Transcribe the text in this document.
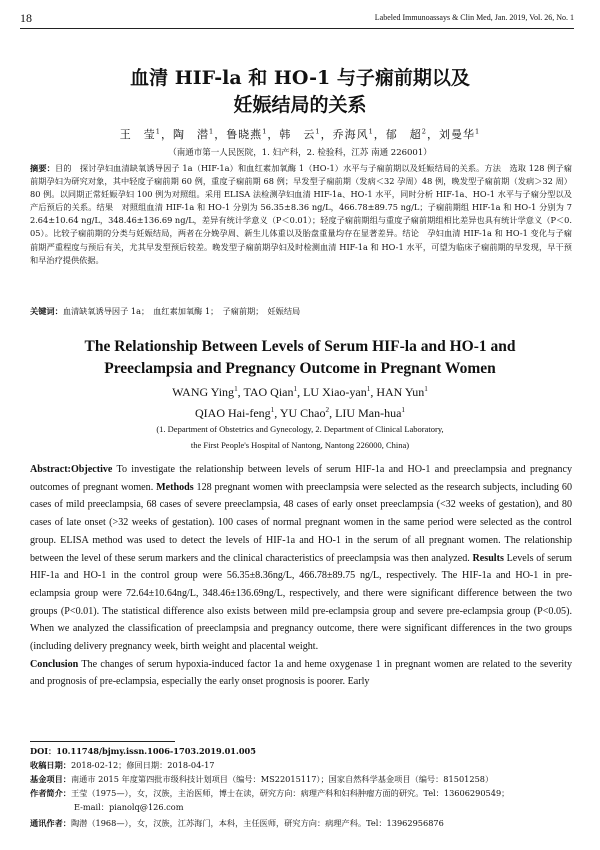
18	Labeled Immunoassays & Clin Med, Jan. 2019, Vol. 26, No. 1
血清 HIF-la 和 HO-1 与子痫前期以及
妊娠结局的关系
王　莹$^1$，陶　潜$^1$，鲁晓燕$^1$，韩　云$^1$，乔海风$^1$，郁　超$^2$，刘曼华$^1$
（南通市第一人民医院，1. 妇产科，2. 检验科，江苏 南通 226001）
摘要：目的　探讨孕妇血清缺氧诱导因子 1a（HIF-1a）和血红素加氧酶 1（HO-1）水平与子痫前期以及妊娠结局的关系。方法　选取 128 例子痫前期孕妇为研究对象，其中轻度子痫前期 60 例，重度子痫前期 68 例；早发型子痫前期（发病＜32 孕周）48 例，晚发型子痫前期（发病＞32 周）80 例。以同期正常妊娠孕妇 100 例为对照组。采用 ELISA 法检测孕妇血清 HIF-1a、HO-1 水平，同时分析 HIF-1a、HO-1 水平与子痫分型以及产后预后的关系。结果　对照组血清 HIF-1a 和 HO-1 分别为 56.35±8.36 ng/L，466.78±89.75 ng/L；子痫前期组 HIF-1a 和 HO-1 分别为 72.64±10.64 ng/L，348.46±136.69 ng/L，差异有统计学意义（P＜0.01）；轻度子痫前期组与重度子痫前期组相比差异也具有统计学意义（P＜0.05）。比较子痫前期的分类与妊娠结局，两者在分娩孕周、新生儿体重以及胎盘重量均存在显著差异。结论　孕妇血清 HIF-1a 和 HO-1 变化与子痫前期严重程度与预后有关，尤其早发型预后较差。晚发型子痫前期孕妇及时检测血清 HIF-1a 和 HO-1 水平，可望为临床子痫前期的早发现，早干预和早治疗提供依据。
关键词：血清缺氧诱导因子 1a；　血红素加氧酶 1；　子痫前期；　妊娠结局
The Relationship Between Levels of Serum HIF-la and HO-1 and
Preeclampsia and Pregnancy Outcome in Pregnant Women
WANG Ying$^1$, TAO Qian$^1$, LU Xiao-yan$^1$, HAN Yun$^1$
QIAO Hai-feng$^1$, YU Chao$^2$, LIU Man-hua$^1$
(1. Department of Obstetrics and Gynecology, 2. Department of Clinical Laboratory,
the First People's Hospital of Nantong, Nantong 226000, China)
Abstract:Objective To investigate the relationship between levels of serum HIF-1a and HO-1 and preeclampsia and pregnancy outcomes of pregnant women. Methods 128 pregnant women with preeclampsia were selected as the research subjects, including 60 cases of mild preeclampsia, 68 cases of severe preeclampsia, 48 cases of early onset preeclampsia (<32 weeks of gestation), and 80 cases of late onset (>32 weeks of gestation). 100 cases of normal pregnant women in the same period were selected as the control group. ELISA method was used to detect the levels of HIF-1a and HO-1 in the serum of all pregnant women. The relationship between the level of these serum markers and the clinical characteristics of preeclampsia was then analyzed. Results Levels of serum HIF-1a and HO-1 in the control group were 56.35±8.36ng/L, 466.78±89.75 ng/L, respectively. The HIF-1a and HO-1 in pre-eclampsia group were 72.64±10.64ng/L, 348.46±136.69ng/L, respectively, and there were significant difference between the two groups (P<0.01). The statistical difference also exists between mild pre-eclampsia group and severe pre-eclampsia group (P<0.05). When we analyzed the classification of preeclampsia and pregnancy outcome, there were significant differences in the two groups (including delivery pregnancy week, birth weight and placental weight.
Conclusion The changes of serum hypoxia-induced factor 1a and heme oxygenase 1 in pregnant women are related to the severity and prognosis of pre-eclampsia, especially the early onset prognosis is poorer. Early
DOI：10.11748/bjmy.issn.1006-1703.2019.01.005
收稿日期：2018-02-12；修回日期：2018-04-17
基金项目：南通市 2015 年度第四批市级科技计划项目（编号：MS22015117）；国家自然科学基金项目（编号：81501258）
作者简介：王莹（1975—），女，汉族，主治医师，博士在读，研究方向：病理产科和妇科肿瘤方面的研究。Tel：13606290549；
E-mail：pianolq@126.com
通讯作者：陶潜（1968—），女，汉族，江苏海门，本科，主任医师，研究方向：病理产科。Tel：13962956876
